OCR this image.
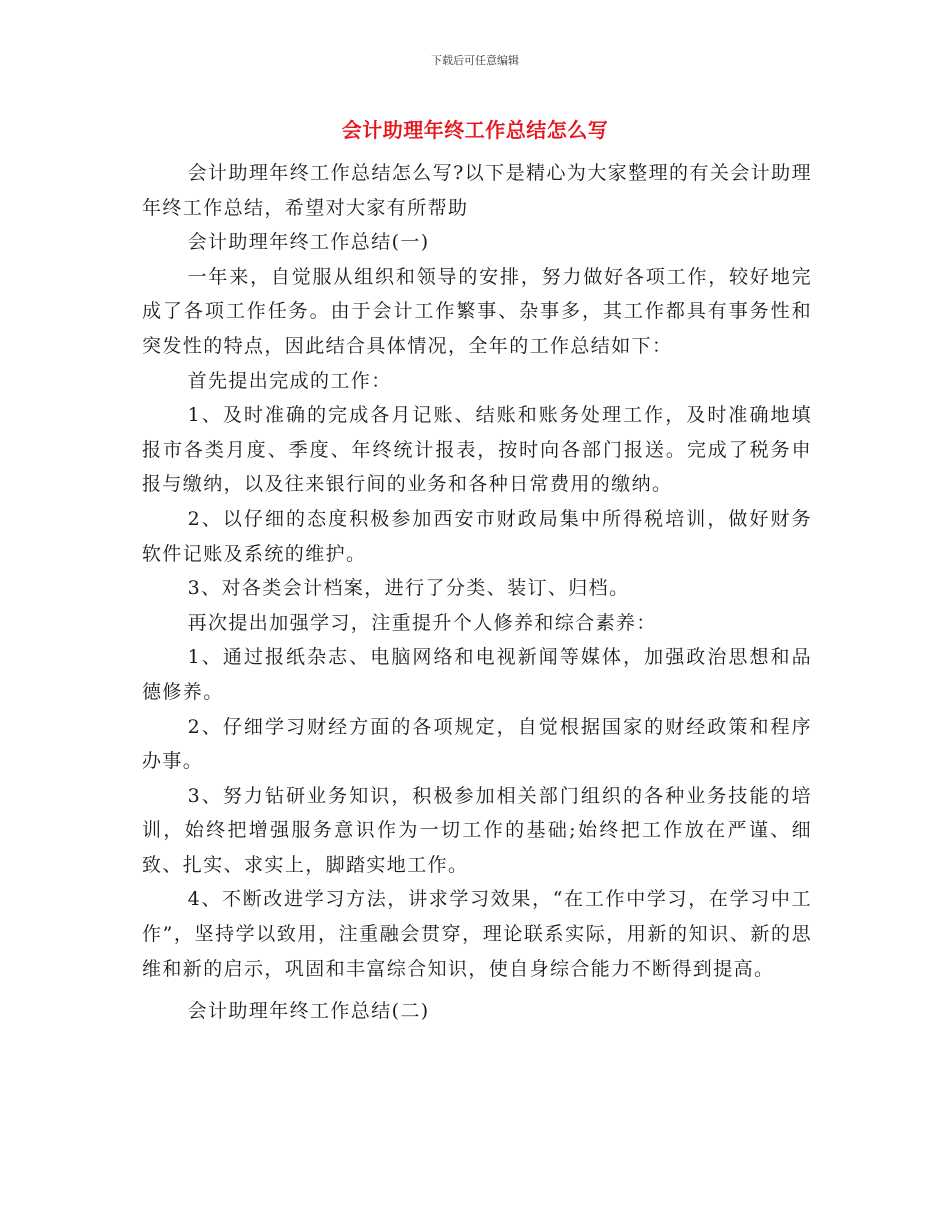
下载后可任意编辑
会计助理年终工作总结怎么写

会计助理年终工作总结怎么写?以下是精心为大家整理的有关会计助理年终工作总结，希望对大家有所帮助

会计助理年终工作总结(一)

一年来，自觉服从组织和领导的安排，努力做好各项工作，较好地完成了各项工作任务。由于会计工作繁事、杂事多，其工作都具有事务性和突发性的特点，因此结合具体情况，全年的工作总结如下：

首先提出完成的工作：

1、及时准确的完成各月记账、结账和账务处理工作，及时准确地填报市各类月度、季度、年终统计报表，按时向各部门报送。完成了税务申报与缴纳，以及往来银行间的业务和各种日常费用的缴纳。

2、以仔细的态度积极参加西安市财政局集中所得税培训，做好财务软件记账及系统的维护。

3、对各类会计档案，进行了分类、装订、归档。

再次提出加强学习，注重提升个人修养和综合素养：

1、通过报纸杂志、电脑网络和电视新闻等媒体，加强政治思想和品德修养。

2、仔细学习财经方面的各项规定，自觉根据国家的财经政策和程序办事。

3、努力钻研业务知识，积极参加相关部门组织的各种业务技能的培训，始终把增强服务意识作为一切工作的基础;始终把工作放在严谨、细致、扎实、求实上，脚踏实地工作。

4、不断改进学习方法，讲求学习效果，“在工作中学习，在学习中工作”，坚持学以致用，注重融会贯穿，理论联系实际，用新的知识、新的思维和新的启示，巩固和丰富综合知识，使自身综合能力不断得到提高。

会计助理年终工作总结(二)
